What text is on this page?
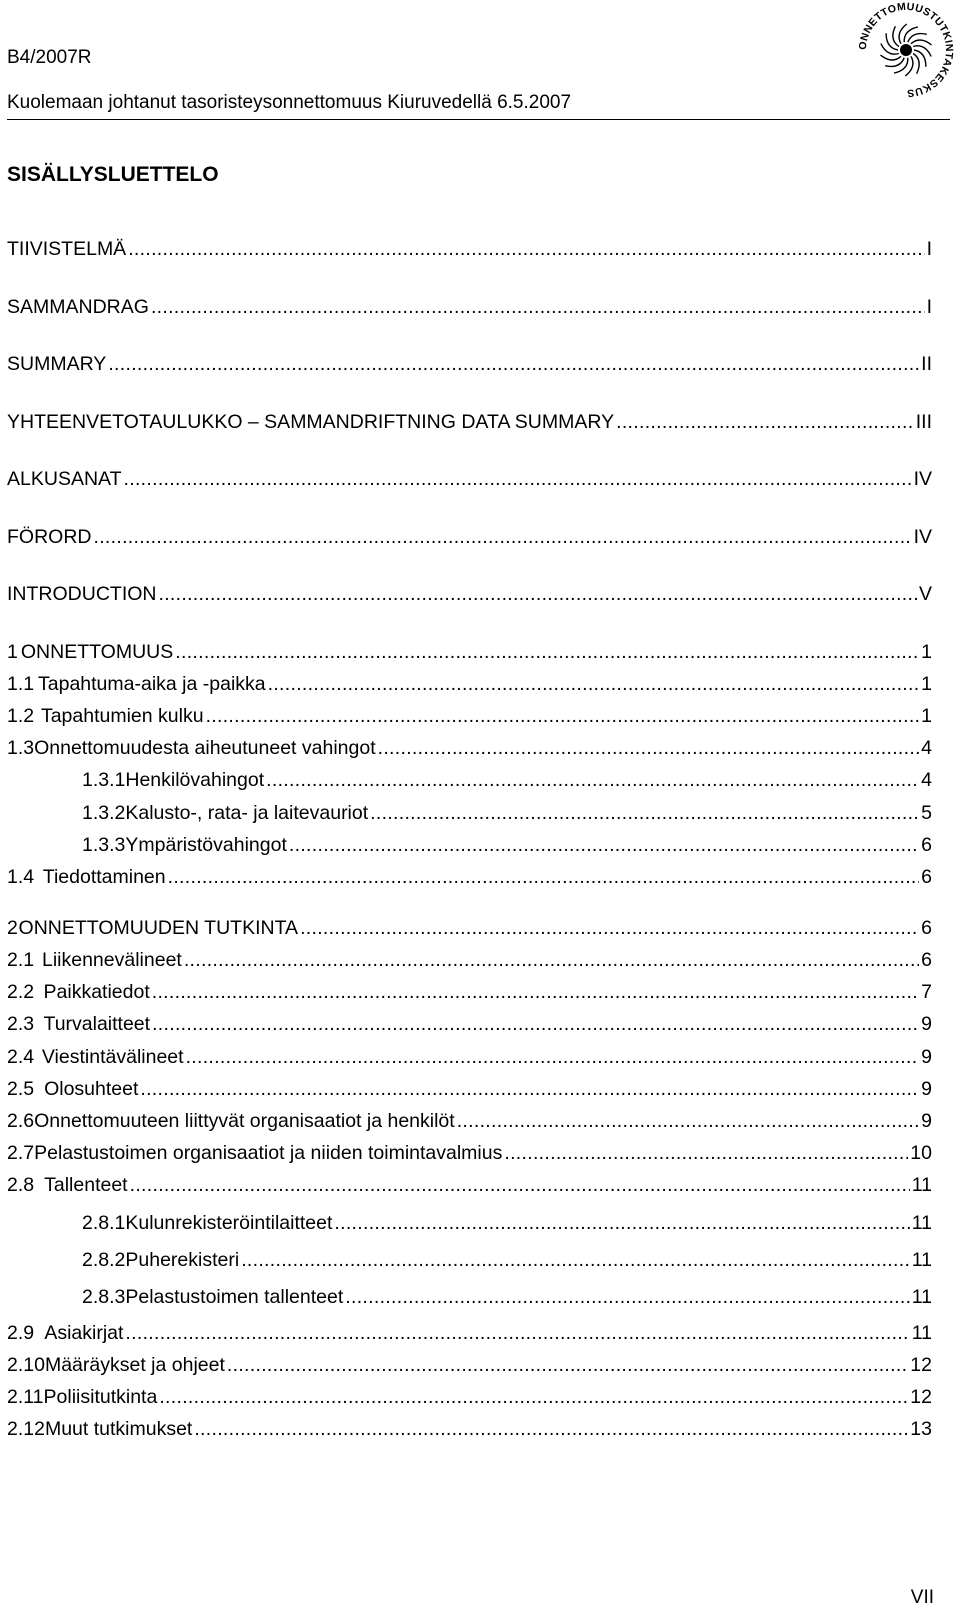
B4/2007R
Kuolemaan johtanut tasoristeysonnettomuus Kiuruvedellä 6.5.2007
ONNETTOMUUSTUTKINTAKESKUS
SISÄLLYSLUETTELO
TIIVISTELMÄ .....	I
SAMMANDRAG .....	I
SUMMARY .....	II
YHTEENVETOTAULUKKO – SAMMANDRIFTNING DATA SUMMARY .....	III
ALKUSANAT .....	IV
FÖRORD .....	IV
INTRODUCTION .....	V
1 ONNETTOMUUS .....	1
1.1 Tapahtuma-aika ja -paikka .....	1
1.2 Tapahtumien kulku .....	1
1.3 Onnettomuudesta aiheutuneet vahingot .....	4
1.3.1 Henkilövahingot .....	4
1.3.2 Kalusto-, rata- ja laitevauriot .....	5
1.3.3 Ympäristövahingot .....	6
1.4 Tiedottaminen .....	6
2 ONNETTOMUUDEN TUTKINTA .....	6
2.1 Liikennevälineet .....	6
2.2 Paikkatiedot .....	7
2.3 Turvalaitteet .....	9
2.4 Viestintävälineet .....	9
2.5 Olosuhteet .....	9
2.6 Onnettomuuteen liittyvät organisaatiot ja henkilöt .....	9
2.7 Pelastustoimen organisaatiot ja niiden toimintavalmius .....	10
2.8 Tallenteet .....	11
2.8.1 Kulunrekisteröintilaitteet .....	11
2.8.2 Puherekisteri .....	11
2.8.3 Pelastustoimen tallenteet .....	11
2.9 Asiakirjat .....	11
2.10 Määräykset ja ohjeet .....	12
2.11 Poliisitutkinta .....	12
2.12 Muut tutkimukset .....	13
VII
